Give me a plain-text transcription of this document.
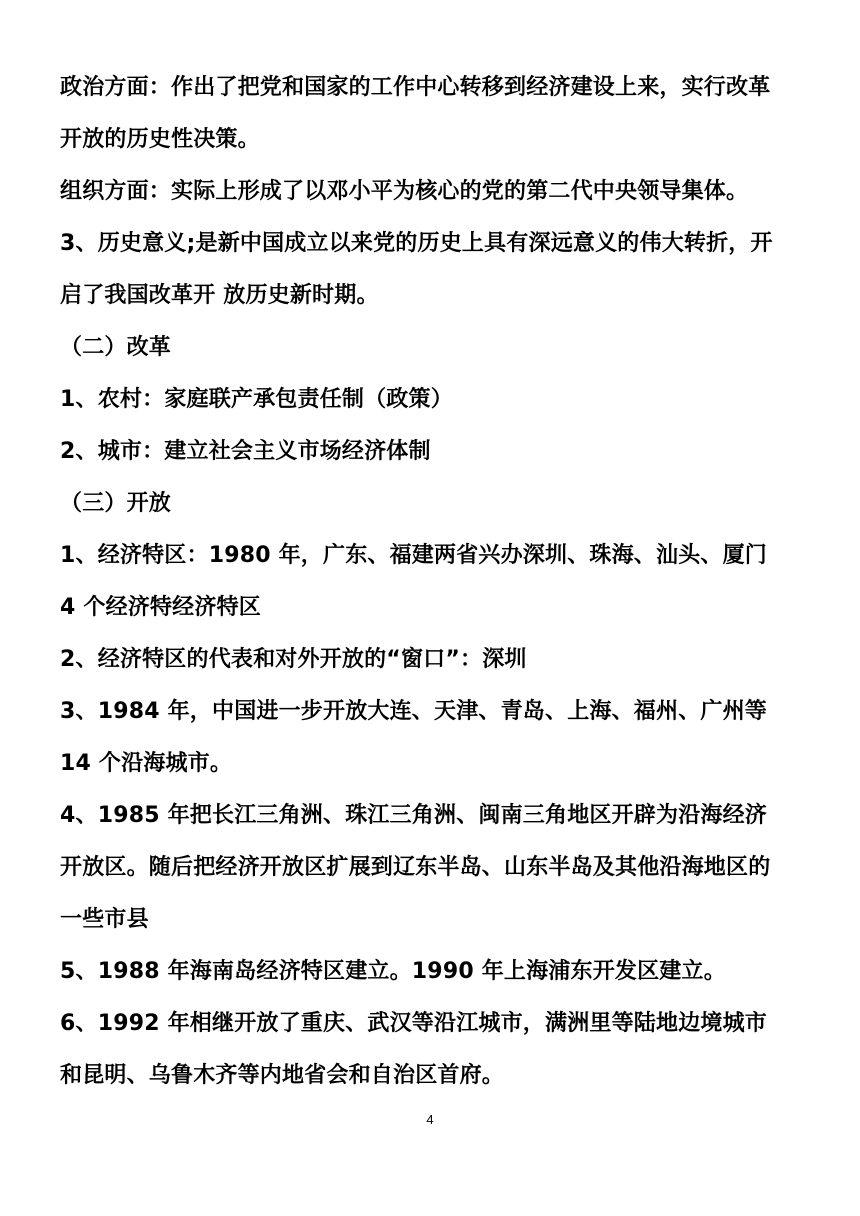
政治方面：作出了把党和国家的工作中心转移到经济建设上来，实行改革
开放的历史性决策。
组织方面：实际上形成了以邓小平为核心的党的第二代中央领导集体。
3、历史意义;是新中国成立以来党的历史上具有深远意义的伟大转折，开
启了我国改革开 放历史新时期。
（二）改革
1、农村：家庭联产承包责任制（政策）
2、城市：建立社会主义市场经济体制
（三）开放
1、经济特区：1980 年，广东、福建两省兴办深圳、珠海、汕头、厦门
4 个经济特经济特区
2、经济特区的代表和对外开放的“窗口”：深圳
3、1984 年，中国进一步开放大连、天津、青岛、上海、福州、广州等
14 个沿海城市。
4、1985 年把长江三角洲、珠江三角洲、闽南三角地区开辟为沿海经济
开放区。随后把经济开放区扩展到辽东半岛、山东半岛及其他沿海地区的
一些市县
5、1988 年海南岛经济特区建立。1990 年上海浦东开发区建立。
6、1992 年相继开放了重庆、武汉等沿江城市，满洲里等陆地边境城市
和昆明、乌鲁木齐等内地省会和自治区首府。
4
